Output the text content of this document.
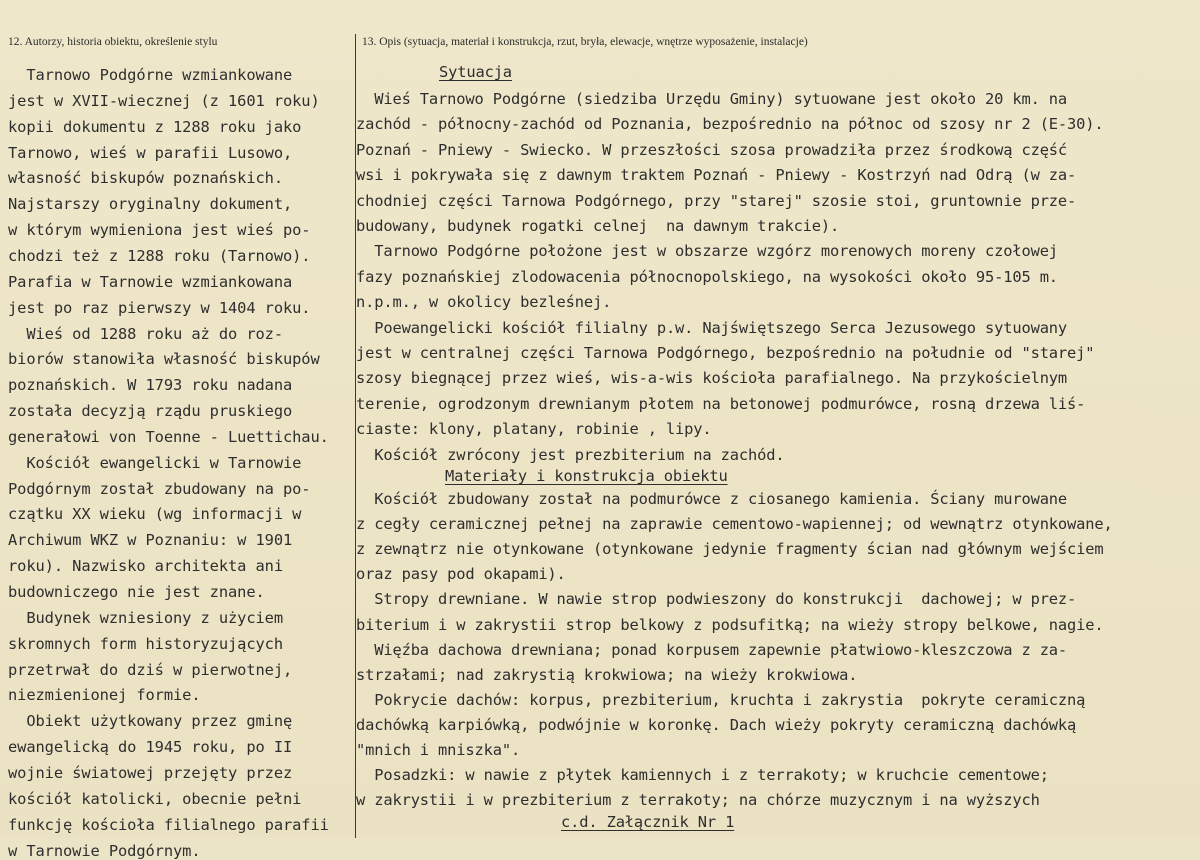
12. Autorzy, historia obiektu, określenie stylu	13. Opis (sytuacja, materiał i konstrukcja, rzut, bryła, elewacje, wnętrze wyposażenie, instalacje)
Tarnowo Podgórne wzmiankowane
jest w XVII-wiecznej (z 1601 roku)
kopii dokumentu z 1288 roku jako
Tarnowo, wieś w parafii Lusowo,
własność biskupów poznańskich.
Najstarszy oryginalny dokument,
w którym wymieniona jest wieś po-
chodzi też z 1288 roku (Tarnowo).
Parafia w Tarnowie wzmiankowana
jest po raz pierwszy w 1404 roku.
Wieś od 1288 roku aż do roz-
biorów stanowiła własność biskupów
poznańskich. W 1793 roku nadana
została decyzją rządu pruskiego
generałowi von Toenne - Luettichau.
Kościół ewangelicki w Tarnowie
Podgórnym został zbudowany na po-
czątku XX wieku (wg informacji w
Archiwum WKZ w Poznaniu: w 1901
roku). Nazwisko architekta ani
budowniczego nie jest znane.
Budynek wzniesiony z użyciem
skromnych form historyzujących
przetrwał do dziś w pierwotnej,
niezmienionej formie.
Obiekt użytkowany przez gminę
ewangelicką do 1945 roku, po II
wojnie światowej przejęty przez
kościół katolicki, obecnie pełni
funkcję kościoła filialnego parafii
w Tarnowie Podgórnym.
Sytuacja
Materiały i konstrukcja obiektu
c.d. Załącznik Nr 1
Wieś Tarnowo Podgórne (siedziba Urzędu Gminy) sytuowane jest około 20 km. na
zachód - północny-zachód od Poznania, bezpośrednio na północ od szosy nr 2 (E-30).
Poznań - Pniewy - Swiecko. W przeszłości szosa prowadziła przez środkową część
wsi i pokrywała się z dawnym traktem Poznań - Pniewy - Kostrzyń nad Odrą (w za-
chodniej części Tarnowa Podgórnego, przy "starej" szosie stoi, gruntownie prze-
budowany, budynek rogatki celnej  na dawnym trakcie).
Tarnowo Podgórne położone jest w obszarze wzgórz morenowych moreny czołowej
fazy poznańskiej zlodowacenia północnopolskiego, na wysokości około 95-105 m.
n.p.m., w okolicy bezleśnej.
Poewangelicki kościół filialny p.w. Najświętszego Serca Jezusowego sytuowany
jest w centralnej części Tarnowa Podgórnego, bezpośrednio na południe od "starej"
szosy biegnącej przez wieś, wis-a-wis kościoła parafialnego. Na przykościelnym
terenie, ogrodzonym drewnianym płotem na betonowej podmurówce, rosną drzewa liś-
ciaste: klony, platany, robinie , lipy.
Kościół zwrócony jest prezbiterium na zachód.
Kościół zbudowany został na podmurówce z ciosanego kamienia. Ściany murowane
z cegły ceramicznej pełnej na zaprawie cementowo-wapiennej; od wewnątrz otynkowane,
z zewnątrz nie otynkowane (otynkowane jedynie fragmenty ścian nad głównym wejściem
oraz pasy pod okapami).
Stropy drewniane. W nawie strop podwieszony do konstrukcji  dachowej; w prez-
biterium i w zakrystii strop belkowy z podsufitką; na wieży stropy belkowe, nagie.
Więźba dachowa drewniana; ponad korpusem zapewnie płatwiowo-kleszczowa z za-
strzałami; nad zakrystią krokwiowa; na wieży krokwiowa.
Pokrycie dachów: korpus, prezbiterium, kruchta i zakrystia  pokryte ceramiczną
dachówką karpiówką, podwójnie w koronkę. Dach wieży pokryty ceramiczną dachówką
"mnich i mniszka".
Posadzki: w nawie z płytek kamiennych i z terrakoty; w kruchcie cementowe;
w zakrystii i w prezbiterium z terrakoty; na chórze muzycznym i na wyższych
